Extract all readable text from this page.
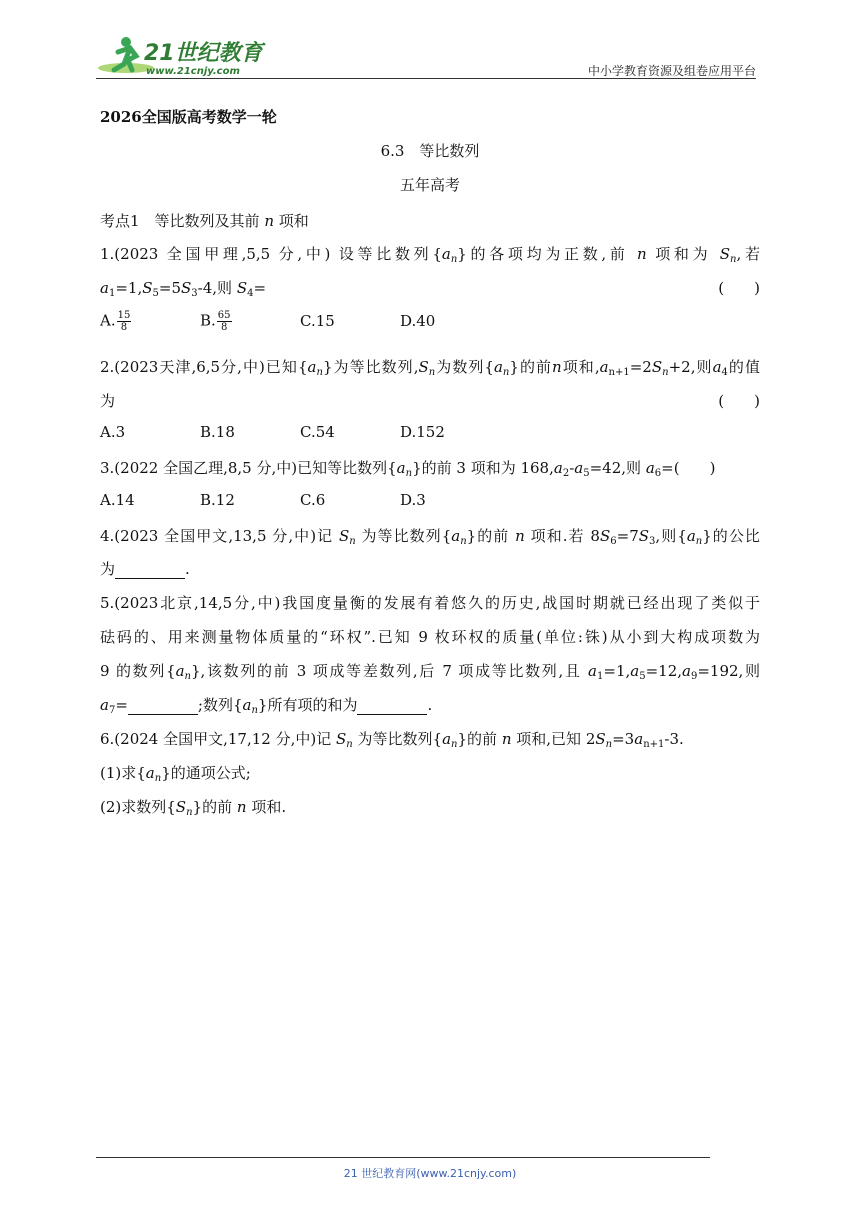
21世纪教育
www.21cnjy.com	中小学教育资源及组卷应用平台
2026全国版高考数学一轮
6.3　等比数列
五年高考
考点1　等比数列及其前 n 项和
1.(2023 全国甲理,5,5 分,中) 设等比数列$\{a_n\}$的各项均为正数,前 n 项和为 $S_n$,若
$a_1=1,S_5=5S_3-4$,则 $S_4=$	(　　)
A. $\frac{15}{8}$	B. $\frac{65}{8}$	C.15	D.40
2.(2023天津,6,5分,中)已知$\{a_n\}$为等比数列$,S_n$为数列$\{a_n\}$的前n项和$,a_{n+1}=2S_n+2$,则$a_4$的值
为	(　　)
A.3	B.18	C.54	D.152
3.(2022 全国乙理,8,5 分,中)已知等比数列$\{a_n\}$的前 3 项和为 $168,a_2-a_5=42$,则 $a_6=$(　　)
A.14	B.12	C.6	D.3
4.(2023 全国甲文,13,5 分,中)记 $S_n$ 为等比数列$\{a_n\}$的前 n 项和.若 $8S_6=7S_3$,则$\{a_n\}$的公比
为	.
5.(2023北京,14,5分,中)我国度量衡的发展有着悠久的历史,战国时期就已经出现了类似于
砝码的、用来测量物体质量的“环权”.已知 9 枚环权的质量(单位:铢)从小到大构成项数为
9 的数列$\{a_n\}$,该数列的前 3 项成等差数列,后 7 项成等比数列,且 $a_1=1,a_5=12,a_9=192$,则
$a_7=$	;数列$\{a_n\}$所有项的和为	.
6.(2024 全国甲文,17,12 分,中)记 $S_n$ 为等比数列$\{a_n\}$的前 n 项和,已知 $2S_n=3a_{n+1}-3$.
(1)求$\{a_n\}$的通项公式;
(2)求数列$\{S_n\}$的前 n 项和.
21 世纪教育网(www.21cnjy.com)
